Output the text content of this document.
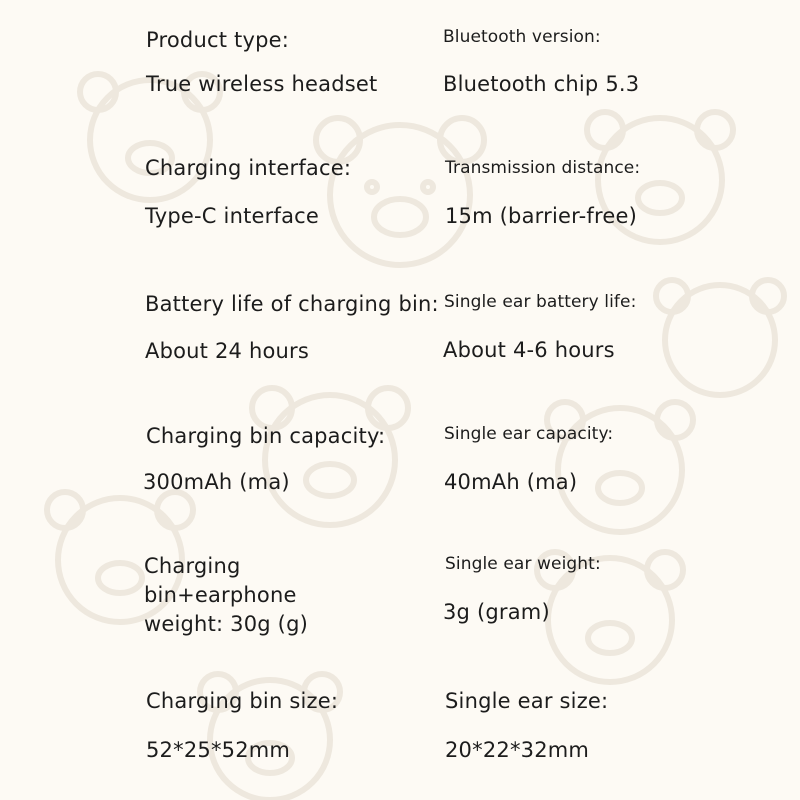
Product type:
True wireless headset
Bluetooth version:
Bluetooth chip 5.3
Charging interface:
Type-C interface
Transmission distance:
15m (barrier-free)
Battery life of charging bin:
About 24 hours
Single ear battery life:
About 4-6 hours
Charging bin capacity:
300mAh (ma)
Single ear capacity:
40mAh (ma)
Charging bin+earphone weight: 30g (g)
Single ear weight:
3g (gram)
Charging bin size:
52*25*52mm
Single ear size:
20*22*32mm
